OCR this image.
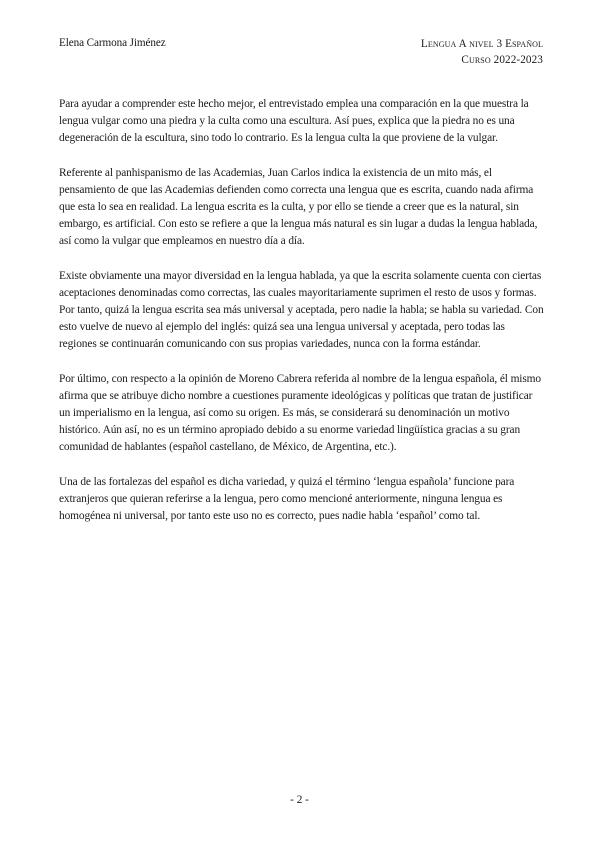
Elena Carmona Jiménez	Lengua A nivel 3 Español
Curso 2022-2023

Para ayudar a comprender este hecho mejor, el entrevistado emplea una comparación en la que muestra la lengua vulgar como una piedra y la culta como una escultura. Así pues, explica que la piedra no es una degeneración de la escultura, sino todo lo contrario. Es la lengua culta la que proviene de la vulgar.

Referente al panhispanismo de las Academias, Juan Carlos indica la existencia de un mito más, el pensamiento de que las Academias defienden como correcta una lengua que es escrita, cuando nada afirma que esta lo sea en realidad. La lengua escrita es la culta, y por ello se tiende a creer que es la natural, sin embargo, es artificial. Con esto se refiere a que la lengua más natural es sin lugar a dudas la lengua hablada, así como la vulgar que empleamos en nuestro día a día.

Existe obviamente una mayor diversidad en la lengua hablada, ya que la escrita solamente cuenta con ciertas aceptaciones denominadas como correctas, las cuales mayoritariamente suprimen el resto de usos y formas. Por tanto, quizá la lengua escrita sea más universal y aceptada, pero nadie la habla; se habla su variedad. Con esto vuelve de nuevo al ejemplo del inglés: quizá sea una lengua universal y aceptada, pero todas las regiones se continuarán comunicando con sus propias variedades, nunca con la forma estándar.

Por último, con respecto a la opinión de Moreno Cabrera referida al nombre de la lengua española, él mismo afirma que se atribuye dicho nombre a cuestiones puramente ideológicas y políticas que tratan de justificar un imperialismo en la lengua, así como su origen. Es más, se considerará su denominación un motivo histórico. Aún así, no es un término apropiado debido a su enorme variedad lingüística gracias a su gran comunidad de hablantes (español castellano, de México, de Argentina, etc.).

Una de las fortalezas del español es dicha variedad, y quizá el término ‘lengua española’ funcione para extranjeros que quieran referirse a la lengua, pero como mencioné anteriormente, ninguna lengua es homogénea ni universal, por tanto este uso no es correcto, pues nadie habla ‘español’ como tal.

- 2 -
